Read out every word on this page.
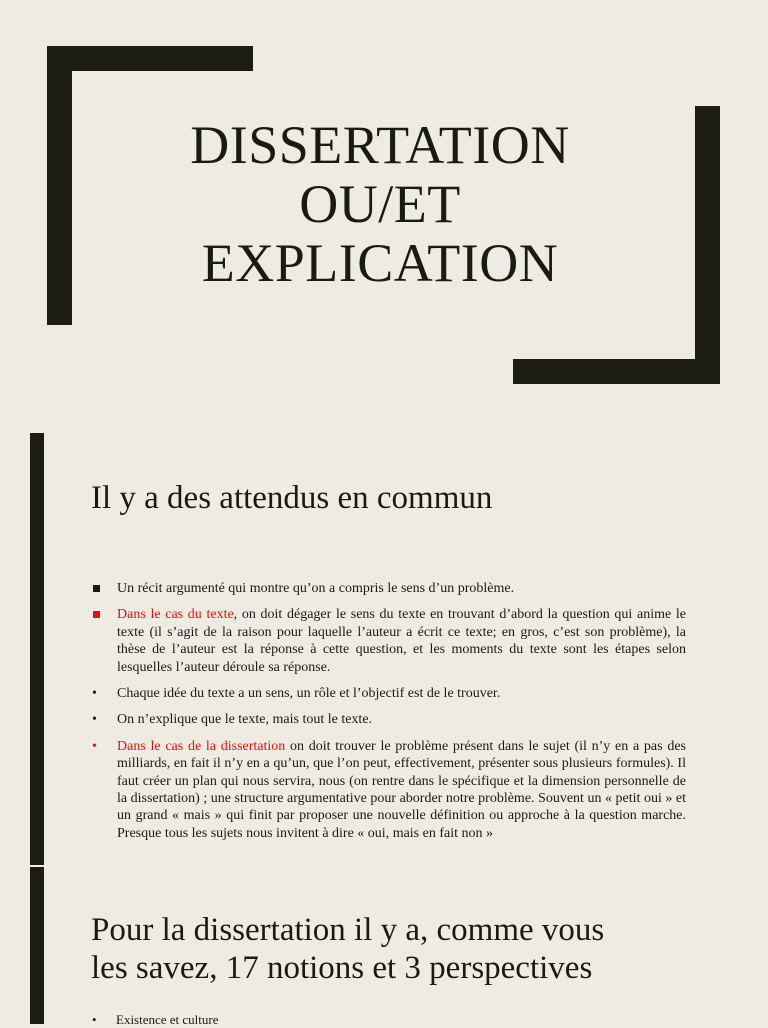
DISSERTATION
OU/ET
EXPLICATION
Il y a des attendus en commun
Un récit argumenté qui montre qu’on a compris le sens d’un problème.
Dans le cas du texte, on doit dégager le sens du texte en trouvant d’abord la question qui anime le texte (il s’agit de la raison pour laquelle l’auteur a écrit ce texte; en gros, c’est son problème), la thèse de l’auteur est la réponse à cette question, et les moments du texte sont les étapes selon lesquelles l’auteur déroule sa réponse.
Chaque idée du texte a un sens, un rôle et l’objectif est de le trouver.
On n’explique que le texte, mais tout le texte.
Dans le cas de la dissertation on doit trouver le problème présent dans le sujet (il n’y en a pas des milliards, en fait il n’y en a qu’un, que l’on peut, effectivement, présenter sous plusieurs formules). Il faut créer un plan qui nous servira, nous (on rentre dans le spécifique et la dimension personnelle de la dissertation) ; une structure argumentative pour aborder notre problème. Souvent un « petit oui » et un grand « mais » qui finit par proposer une nouvelle définition ou approche à la question marche. Presque tous les sujets nous invitent à dire « oui, mais en fait non »
Pour la dissertation il y a, comme vous
les savez, 17 notions et 3 perspectives
Existence et culture
